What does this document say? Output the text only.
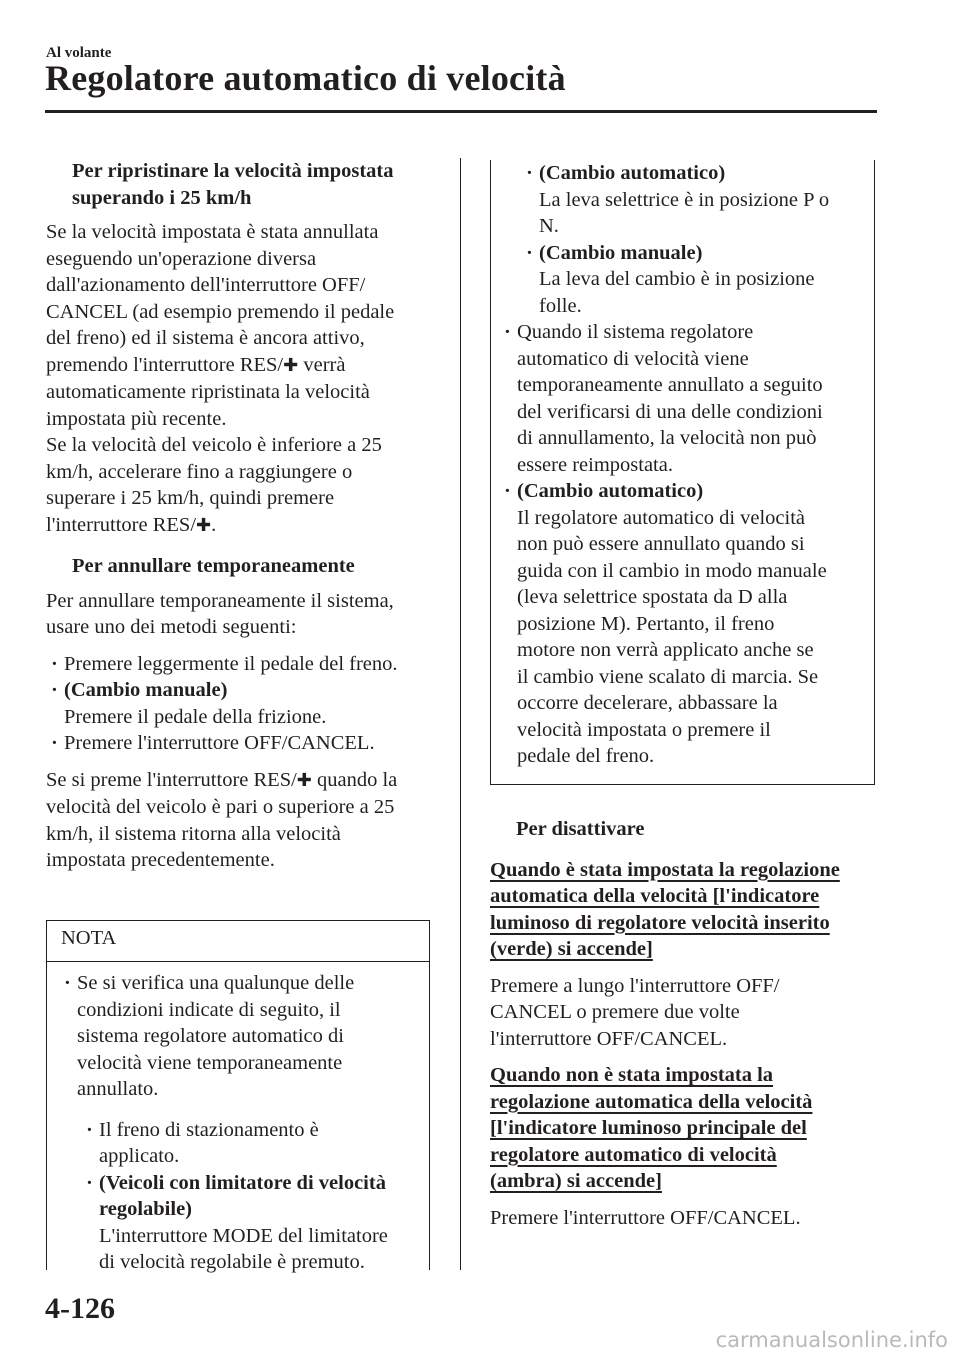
Al volante
Regolatore automatico di velocità
Per ripristinare la velocità impostata
superando i 25 km/h

Se la velocità impostata è stata annullata
eseguendo un'operazione diversa
dall'azionamento dell'interruttore OFF/
CANCEL (ad esempio premendo il pedale
del freno) ed il sistema è ancora attivo,
premendo l'interruttore RES/✚ verrà
automaticamente ripristinata la velocità
impostata più recente.
Se la velocità del veicolo è inferiore a 25
km/h, accelerare fino a raggiungere o
superare i 25 km/h, quindi premere
l'interruttore RES/✚.

Per annullare temporaneamente

Per annullare temporaneamente il sistema,
usare uno dei metodi seguenti:

· Premere leggermente il pedale del freno.
· (Cambio manuale)
Premere il pedale della frizione.
· Premere l'interruttore OFF/CANCEL.

Se si preme l'interruttore RES/✚ quando la
velocità del veicolo è pari o superiore a 25
km/h, il sistema ritorna alla velocità
impostata precedentemente.

NOTA
· Se si verifica una qualunque delle
condizioni indicate di seguito, il
sistema regolatore automatico di
velocità viene temporaneamente
annullato.
· Il freno di stazionamento è
applicato.
· (Veicoli con limitatore di velocità
regolabile)
L'interruttore MODE del limitatore
di velocità regolabile è premuto.
· (Cambio automatico)
La leva selettrice è in posizione P o
N.
· (Cambio manuale)
La leva del cambio è in posizione
folle.
· Quando il sistema regolatore
automatico di velocità viene
temporaneamente annullato a seguito
del verificarsi di una delle condizioni
di annullamento, la velocità non può
essere reimpostata.
· (Cambio automatico)
Il regolatore automatico di velocità
non può essere annullato quando si
guida con il cambio in modo manuale
(leva selettrice spostata da D alla
posizione M). Pertanto, il freno
motore non verrà applicato anche se
il cambio viene scalato di marcia. Se
occorre decelerare, abbassare la
velocità impostata o premere il
pedale del freno.
Per disattivare
Quando è stata impostata la regolazione
automatica della velocità [l'indicatore
luminoso di regolatore velocità inserito
(verde) si accende]

Premere a lungo l'interruttore OFF/
CANCEL o premere due volte
l'interruttore OFF/CANCEL.

Quando non è stata impostata la
regolazione automatica della velocità
[l'indicatore luminoso principale del
regolatore automatico di velocità
(ambra) si accende]

Premere l'interruttore OFF/CANCEL.

4-126
carmanualsonline.info
